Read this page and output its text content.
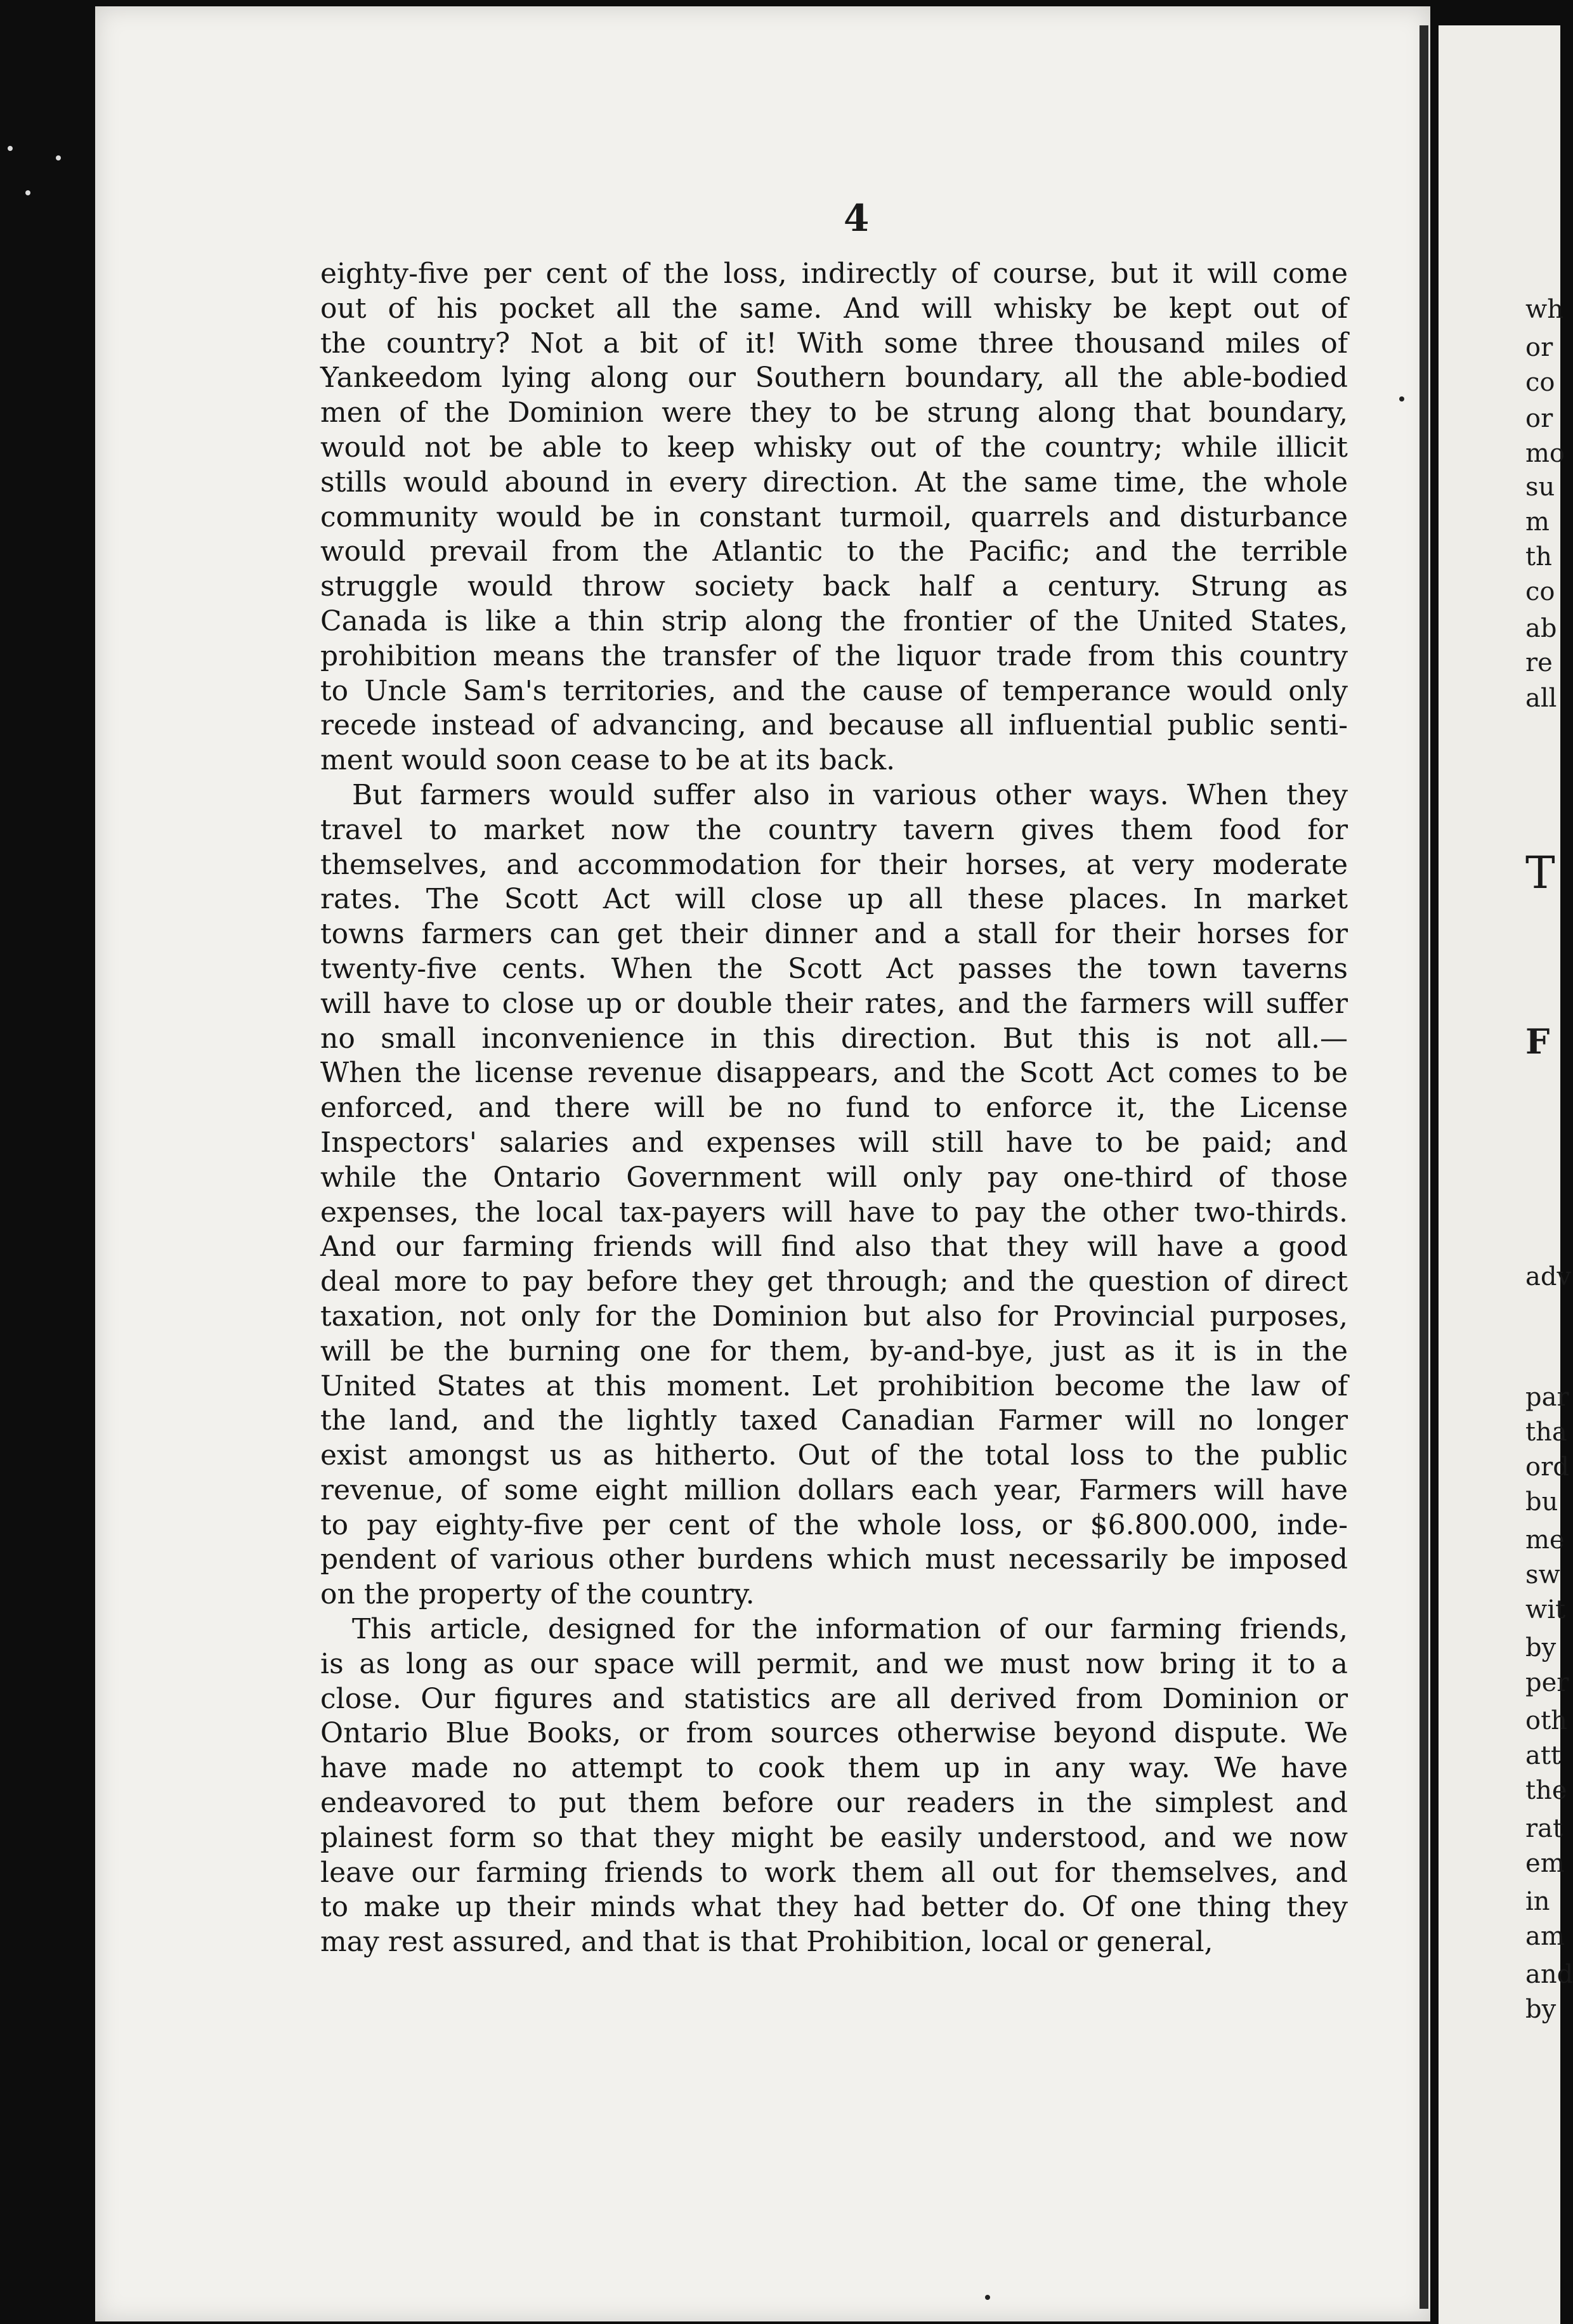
4
eighty-five per cent of the loss, indirectly of course, but it will come
out of his pocket all the same. And will whisky be kept out of
the country? Not a bit of it! With some three thousand miles of
Yankeedom lying along our Southern boundary, all the able-bodied
men of the Dominion were they to be strung along that boundary,
would not be able to keep whisky out of the country; while illicit
stills would abound in every direction. At the same time, the whole
community would be in constant turmoil, quarrels and disturbance
would prevail from the Atlantic to the Pacific; and the terrible
struggle would throw society back half a century. Strung as
Canada is like a thin strip along the frontier of the United States,
prohibition means the transfer of the liquor trade from this country
to Uncle Sam's territories, and the cause of temperance would only
recede instead of advancing, and because all influential public senti-
ment would soon cease to be at its back.
But farmers would suffer also in various other ways. When they
travel to market now the country tavern gives them food for
themselves, and accommodation for their horses, at very moderate
rates. The Scott Act will close up all these places. In market
towns farmers can get their dinner and a stall for their horses for
twenty-five cents. When the Scott Act passes the town taverns
will have to close up or double their rates, and the farmers will suffer
no small inconvenience in this direction. But this is not all.—
When the license revenue disappears, and the Scott Act comes to be
enforced, and there will be no fund to enforce it, the License
Inspectors' salaries and expenses will still have to be paid; and
while the Ontario Government will only pay one-third of those
expenses, the local tax-payers will have to pay the other two-thirds.
And our farming friends will find also that they will have a good
deal more to pay before they get through; and the question of direct
taxation, not only for the Dominion but also for Provincial purposes,
will be the burning one for them, by-and-bye, just as it is in the
United States at this moment. Let prohibition become the law of
the land, and the lightly taxed Canadian Farmer will no longer
exist amongst us as hitherto. Out of the total loss to the public
revenue, of some eight million dollars each year, Farmers will have
to pay eighty-five per cent of the whole loss, or $6.800.000, inde-
pendent of various other burdens which must necessarily be imposed
on the property of the country.
This article, designed for the information of our farming friends,
is as long as our space will permit, and we must now bring it to a
close. Our figures and statistics are all derived from Dominion or
Ontario Blue Books, or from sources otherwise beyond dispute. We
have made no attempt to cook them up in any way. We have
endeavored to put them before our readers in the simplest and
plainest form so that they might be easily understood, and we now
leave our farming friends to work them all out for themselves, and
to make up their minds what they had better do. Of one thing they
may rest assured, and that is that Prohibition, local or general,
wh
or
co
or
mo
su
m
th
co
ab
re
all
T
F
adv
par
tha
ord
bu
me
sw
wit
by
per
oth
att
the
rat
em
in
am
and
by
